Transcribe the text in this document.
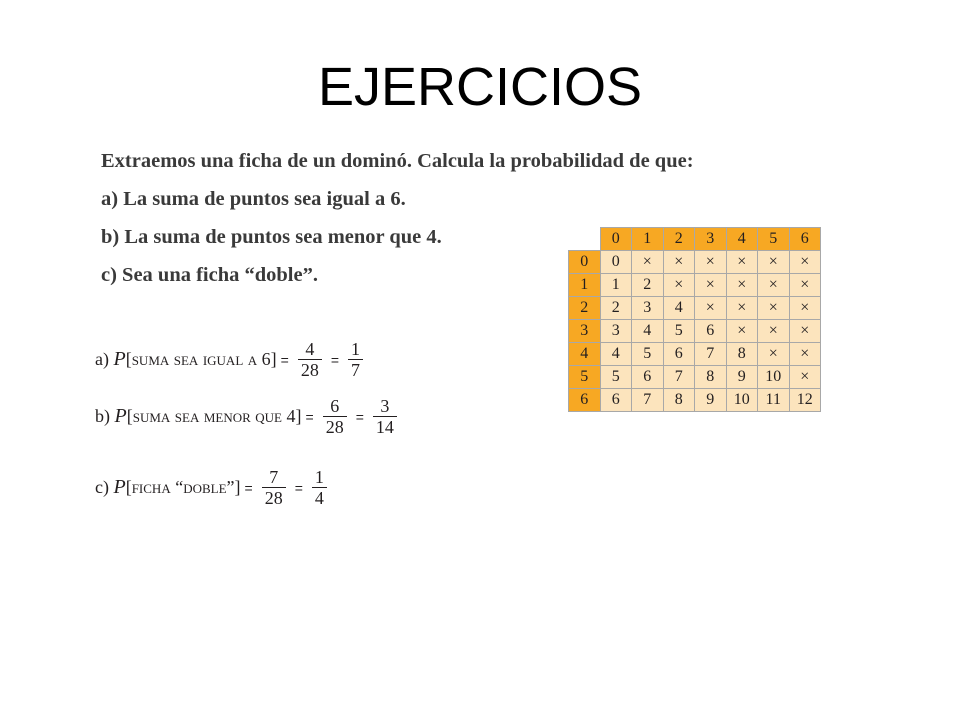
EJERCICIOS
Extraemos una ficha de un dominó. Calcula la probabilidad de que:
a) La suma de puntos sea igual a 6.
b) La suma de puntos sea menor que 4.
c) Sea una ficha “doble”.
a)
P [suma sea igual a $6] = \frac{4}{28} = \frac{1}{7}$
b)
P [suma sea menor que $4] = \frac{6}{28} = \frac{3}{14}$
c)
P [ficha “doble”] = $\frac{7}{28} = \frac{1}{4}$
	0	1	2	3	4	5	6
0	0	×	×	×	×	×	×
1	1	2	×	×	×	×	×
2	2	3	4	×	×	×	×
3	3	4	5	6	×	×	×
4	4	5	6	7	8	×	×
5	5	6	7	8	9	10	×
6	6	7	8	9	10	11	12
